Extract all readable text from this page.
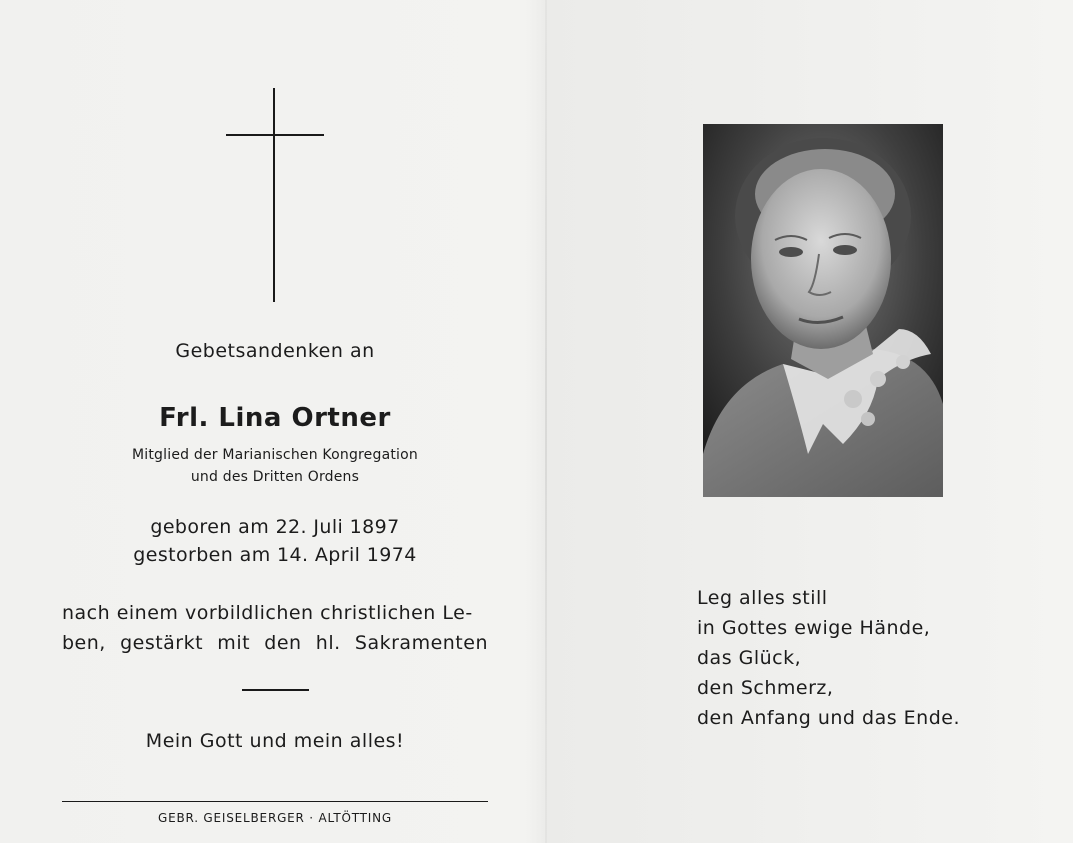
Gebetsandenken an
Frl. Lina Ortner
Mitglied der Marianischen Kongregation
und des Dritten Ordens
geboren am 22. Juli 1897
gestorben am 14. April 1974
nach einem vorbildlichen christlichen Le-
ben, gestärkt mit den hl. Sakramenten
Mein Gott und mein alles!
GEBR. GEISELBERGER · ALTÖTTING
Leg alles still
in Gottes ewige Hände,
das Glück,
den Schmerz,
den Anfang und das Ende.
